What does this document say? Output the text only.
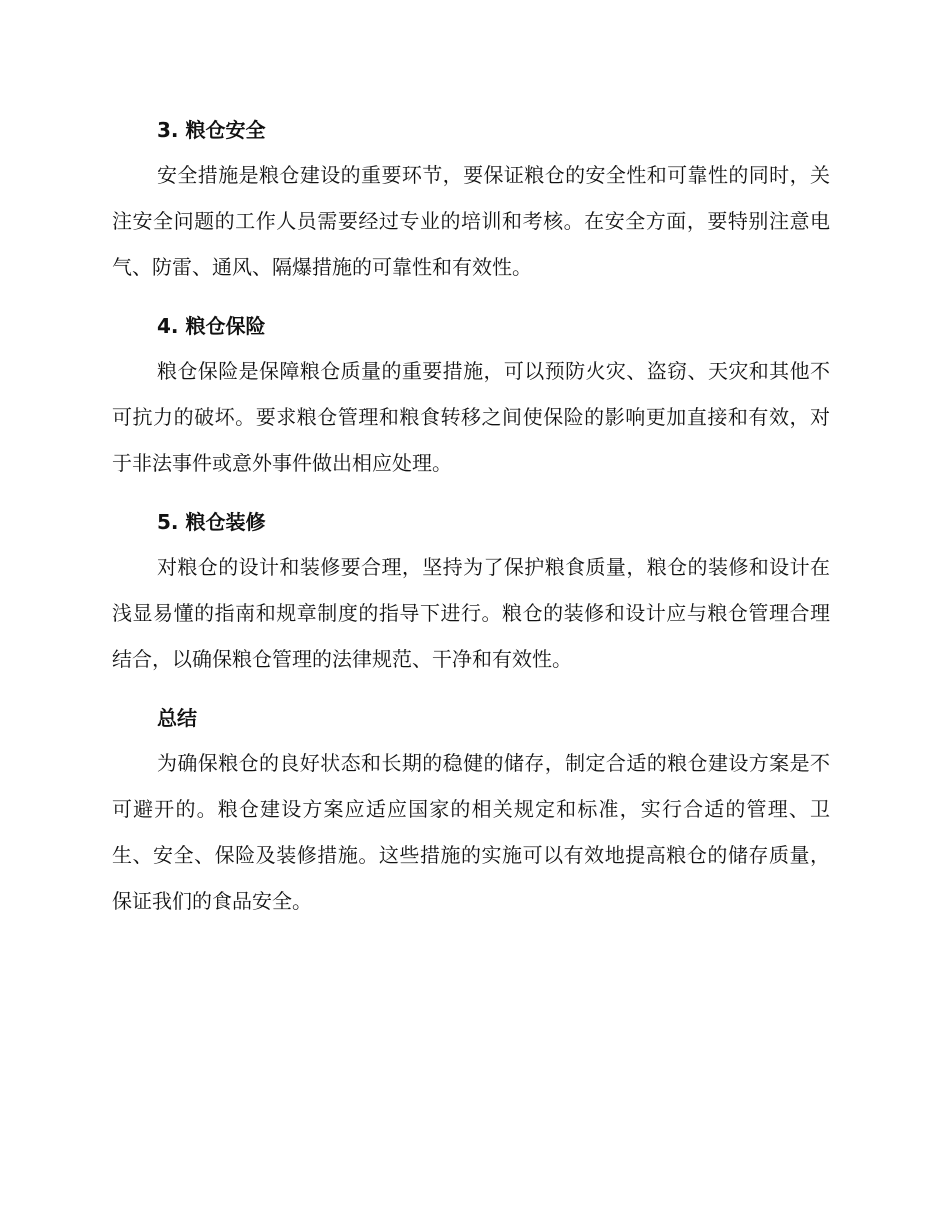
3. 粮仓安全

安全措施是粮仓建设的重要环节，要保证粮仓的安全性和可靠性的同时，关注安全问题的工作人员需要经过专业的培训和考核。在安全方面，要特别注意电气、防雷、通风、隔爆措施的可靠性和有效性。

4. 粮仓保险

粮仓保险是保障粮仓质量的重要措施，可以预防火灾、盗窃、天灾和其他不可抗力的破坏。要求粮仓管理和粮食转移之间使保险的影响更加直接和有效，对于非法事件或意外事件做出相应处理。

5. 粮仓装修

对粮仓的设计和装修要合理，坚持为了保护粮食质量，粮仓的装修和设计在浅显易懂的指南和规章制度的指导下进行。粮仓的装修和设计应与粮仓管理合理结合，以确保粮仓管理的法律规范、干净和有效性。

总结

为确保粮仓的良好状态和长期的稳健的储存，制定合适的粮仓建设方案是不可避开的。粮仓建设方案应适应国家的相关规定和标准，实行合适的管理、卫生、安全、保险及装修措施。这些措施的实施可以有效地提高粮仓的储存质量，保证我们的食品安全。
